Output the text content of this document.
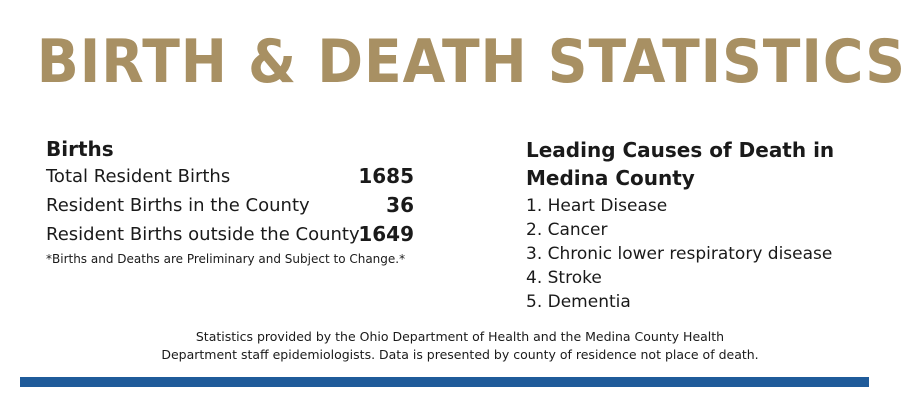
BIRTH & DEATH STATISTICS
Births
Total Resident Births	1685
Resident Births in the County	36
Resident Births outside the County
1649
*Births and Deaths are Preliminary and Subject to Change.*
Leading Causes of Death in
Medina County
1. Heart Disease
2. Cancer
3. Chronic lower respiratory disease
4. Stroke
5. Dementia
Statistics provided by the Ohio Department of Health and the Medina County Health
Department staff epidemiologists. Data is presented by county of residence not place of death.
